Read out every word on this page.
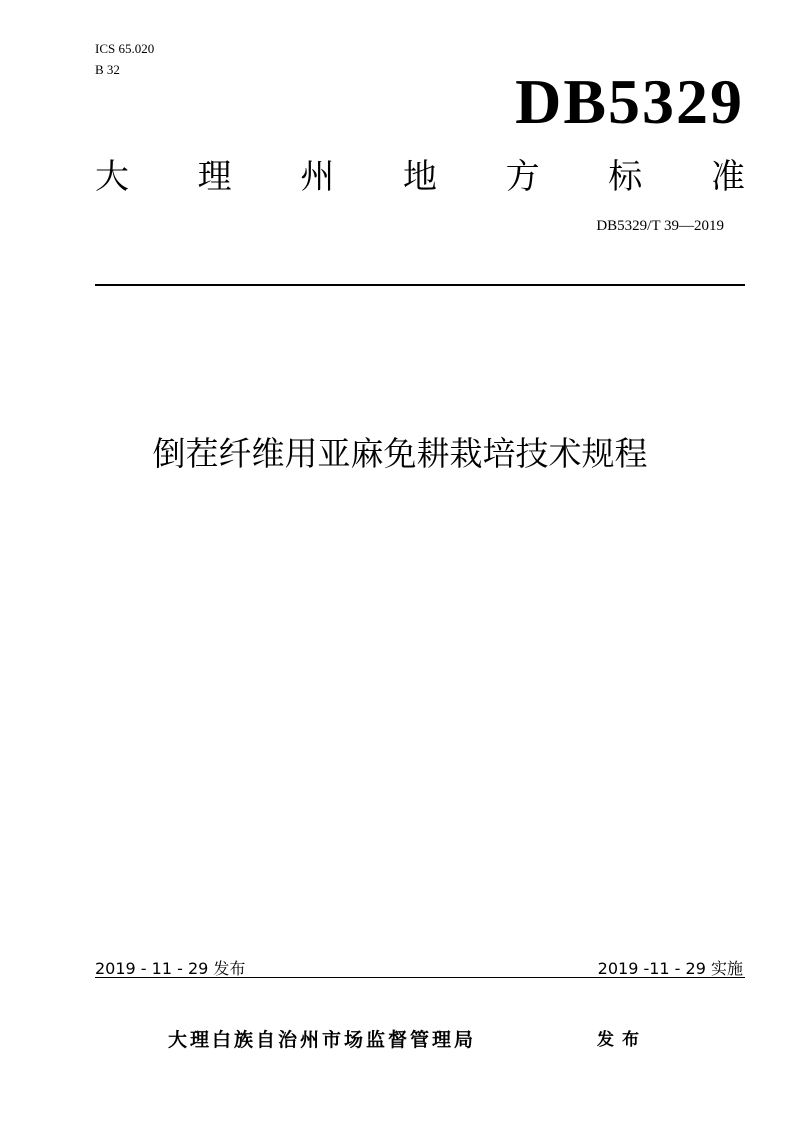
ICS 65.020
B 32	DB5329
大 理 州 地 方 标 准
DB5329/T 39—2019
倒茬纤维用亚麻免耕栽培技术规程
2019 - 11 - 29 发布	2019 -11 - 29 实施
大理白族自治州市场监督管理局	发布
